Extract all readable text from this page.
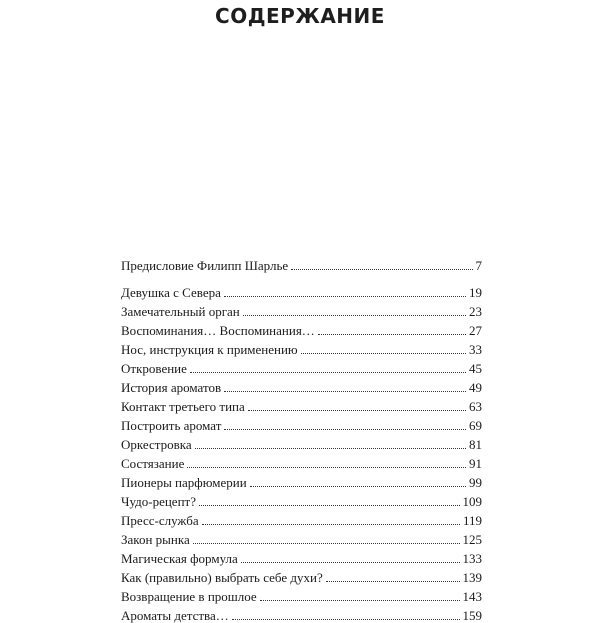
СОДЕРЖАНИЕ
Предисловие Филипп Шарлье	7
Девушка с Севера	19
Замечательный орган	23
Воспоминания… Воспоминания…	27
Нос, инструкция к применению	33
Откровение	45
История ароматов	49
Контакт третьего типа	63
Построить аромат	69
Оркестровка	81
Состязание	91
Пионеры парфюмерии	99
Чудо-рецепт?	109
Пресс-служба	119
Закон рынка	125
Магическая формула	133
Как (правильно) выбрать себе духи?	139
Возвращение в прошлое	143
Ароматы детства…	159
